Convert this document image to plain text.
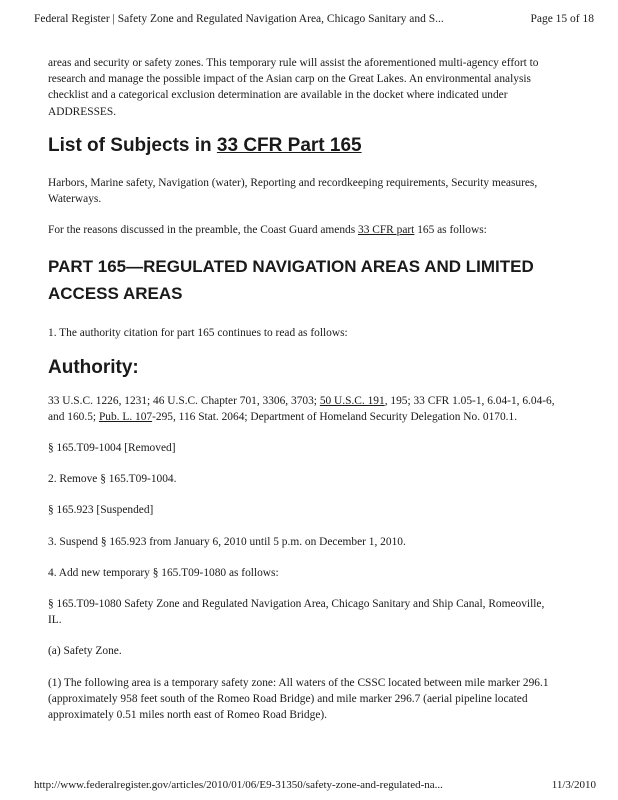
Federal Register | Safety Zone and Regulated Navigation Area, Chicago Sanitary and S...	Page 15 of 18

areas and security or safety zones. This temporary rule will assist the aforementioned multi-agency effort to research and manage the possible impact of the Asian carp on the Great Lakes. An environmental analysis checklist and a categorical exclusion determination are available in the docket where indicated under ADDRESSES.

List of Subjects in 33 CFR Part 165

Harbors, Marine safety, Navigation (water), Reporting and recordkeeping requirements, Security measures, Waterways.

For the reasons discussed in the preamble, the Coast Guard amends 33 CFR part 165 as follows:

PART 165—REGULATED NAVIGATION AREAS AND LIMITED ACCESS AREAS

1. The authority citation for part 165 continues to read as follows:

Authority:

33 U.S.C. 1226, 1231; 46 U.S.C. Chapter 701, 3306, 3703; 50 U.S.C. 191, 195; 33 CFR 1.05-1, 6.04-1, 6.04-6, and 160.5; Pub. L. 107-295, 116 Stat. 2064; Department of Homeland Security Delegation No. 0170.1.

§ 165.T09-1004 [Removed]

2. Remove § 165.T09-1004.

§ 165.923 [Suspended]

3. Suspend § 165.923 from January 6, 2010 until 5 p.m. on December 1, 2010.

4. Add new temporary § 165.T09-1080 as follows:

§ 165.T09-1080 Safety Zone and Regulated Navigation Area, Chicago Sanitary and Ship Canal, Romeoville, IL.

(a) Safety Zone.

(1) The following area is a temporary safety zone: All waters of the CSSC located between mile marker 296.1 (approximately 958 feet south of the Romeo Road Bridge) and mile marker 296.7 (aerial pipeline located approximately 0.51 miles north east of Romeo Road Bridge).

http://www.federalregister.gov/articles/2010/01/06/E9-31350/safety-zone-and-regulated-na...	11/3/2010
